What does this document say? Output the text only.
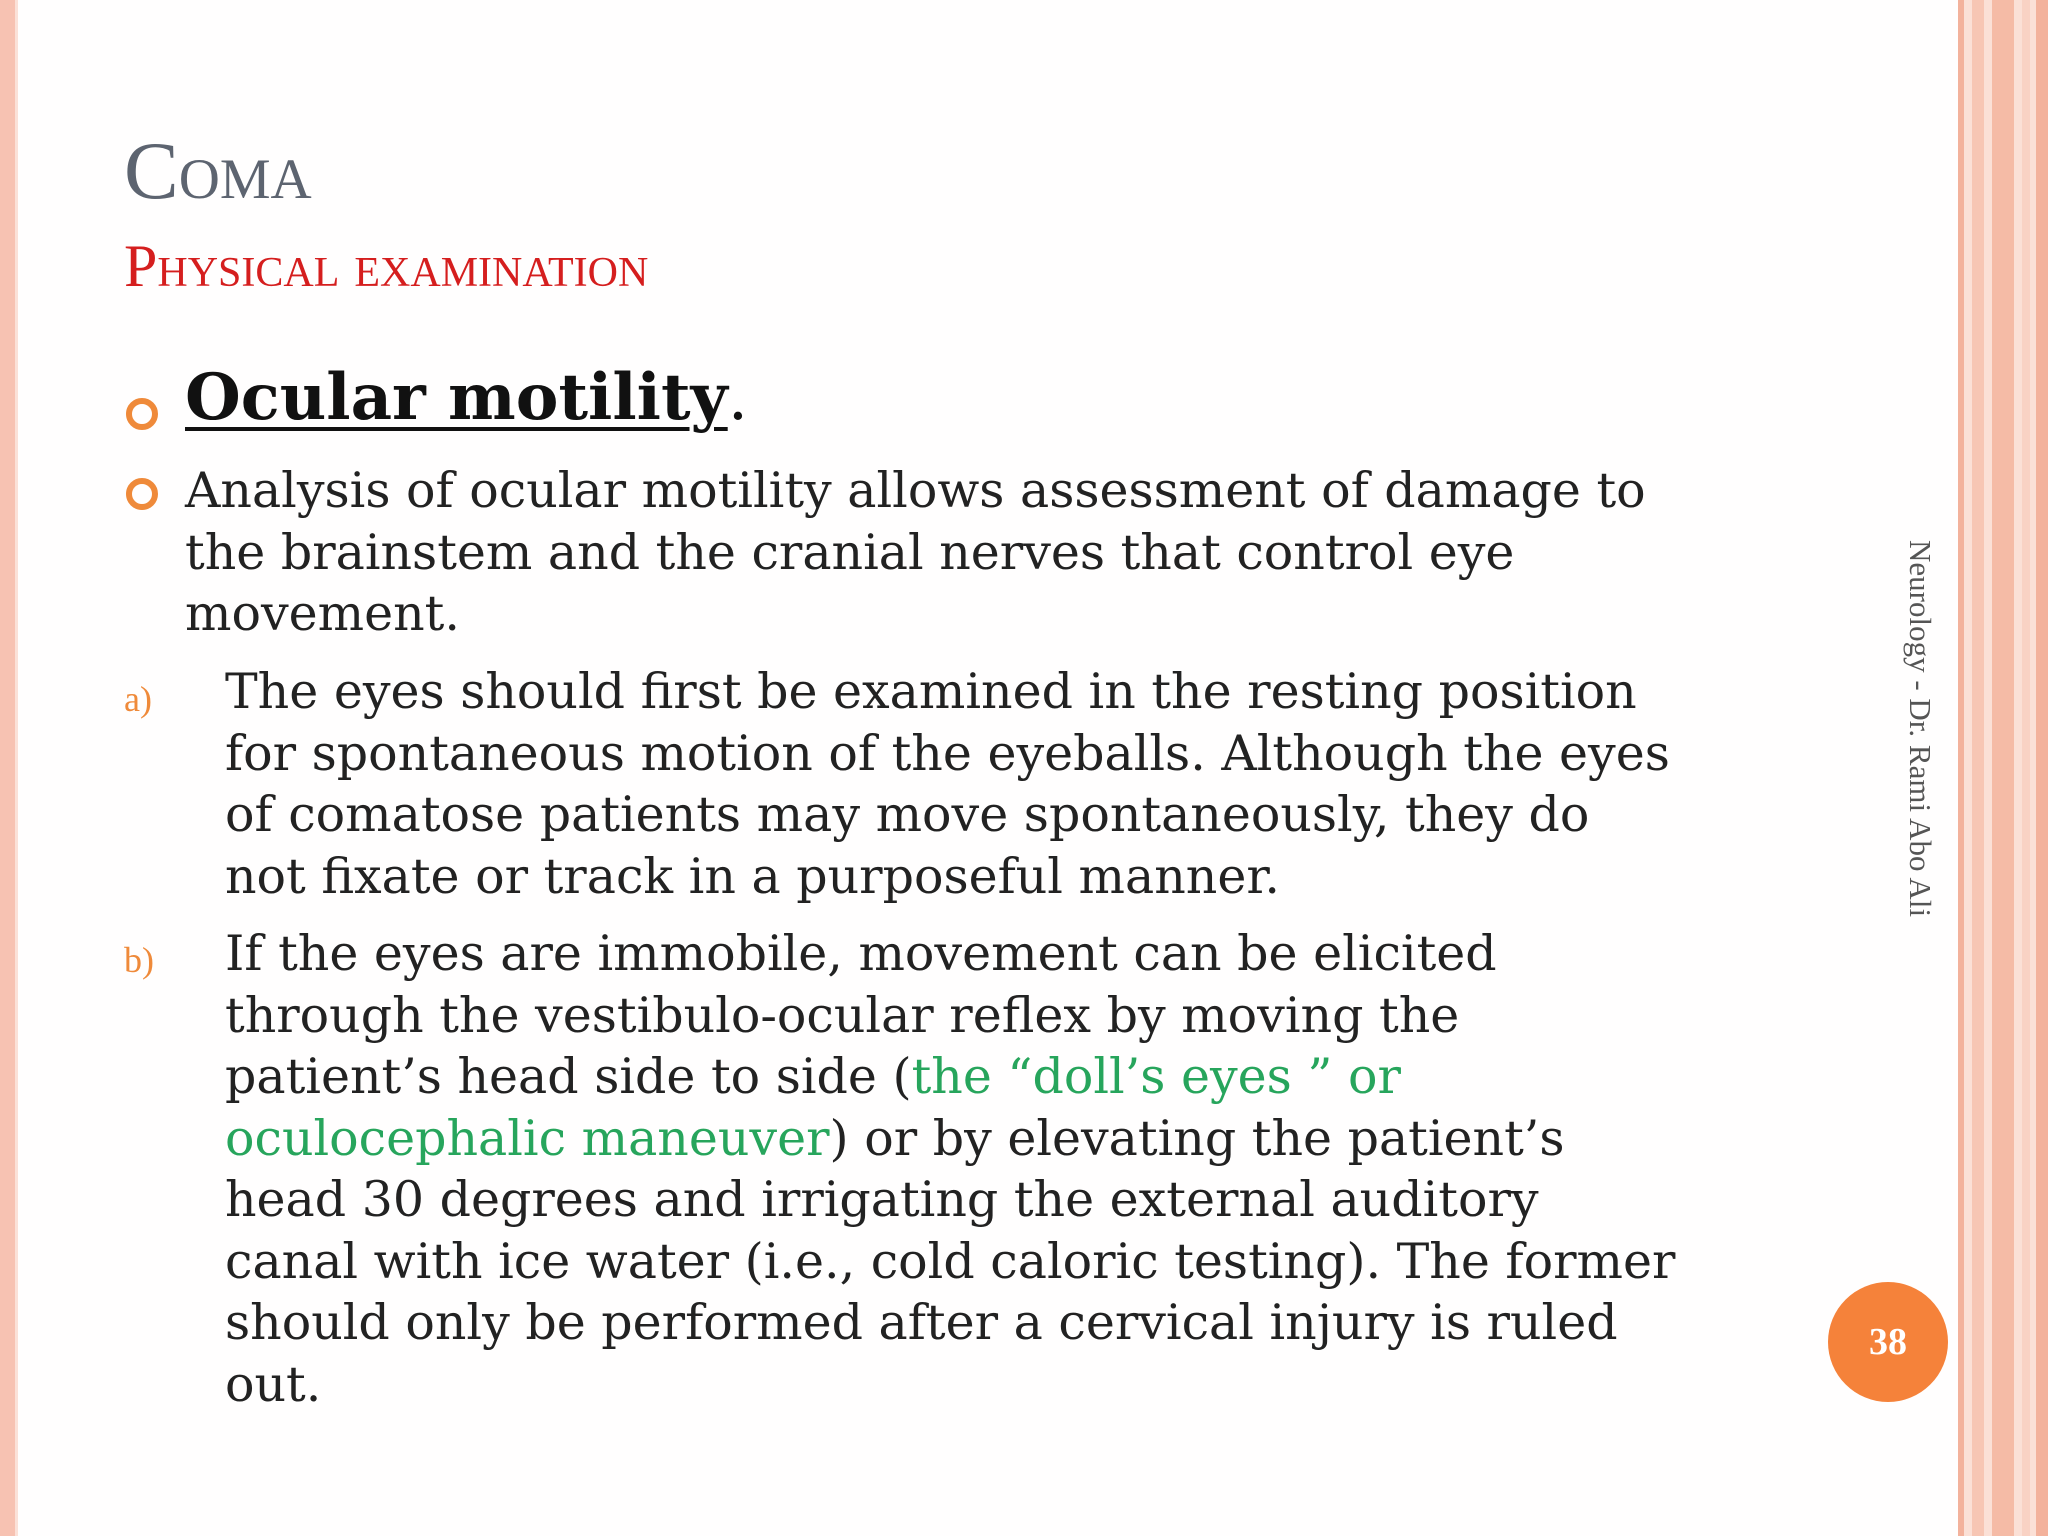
Coma
Physical examination
Ocular motility.
Analysis of ocular motility allows assessment of damage to
the brainstem and the cranial nerves that control eye
movement.
a) The eyes should first be examined in the resting position
for spontaneous motion of the eyeballs. Although the eyes
of comatose patients may move spontaneously, they do
not fixate or track in a purposeful manner.
b) If the eyes are immobile, movement can be elicited
through the vestibulo-ocular reflex by moving the
patient’s head side to side (the “doll’s eyes ” or
oculocephalic maneuver) or by elevating the patient’s
head 30 degrees and irrigating the external auditory
canal with ice water (i.e., cold caloric testing). The former
should only be performed after a cervical injury is ruled
out.
Neurology - Dr. Rami Abo Ali
38
